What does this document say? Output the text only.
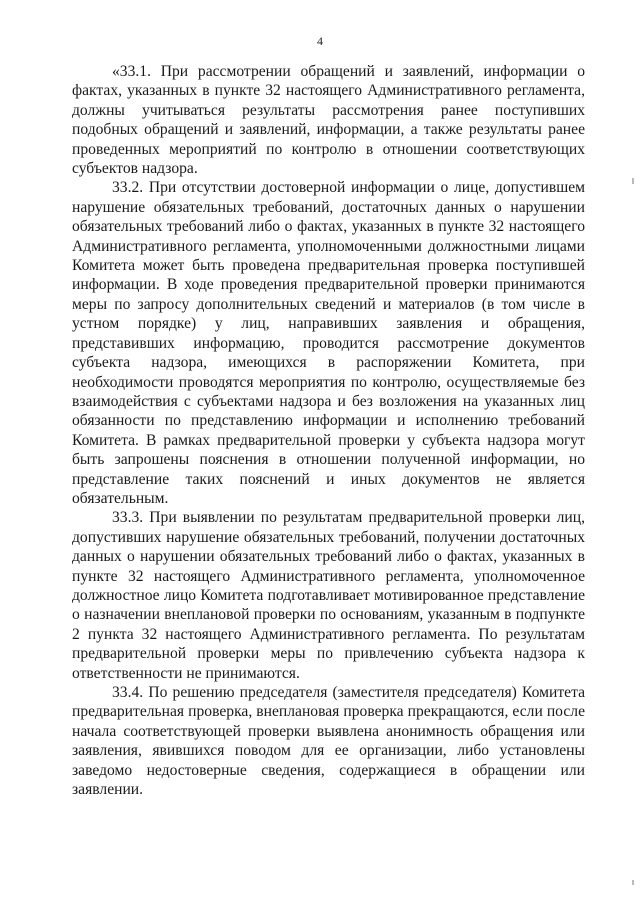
4

«33.1. При рассмотрении обращений и заявлений, информации о фактах, указанных в пункте 32 настоящего Административного регламента, должны учитываться результаты рассмотрения ранее поступивших подобных обращений и заявлений, информации, а также результаты ранее проведенных мероприятий по контролю в отношении соответствующих субъектов надзора.

33.2. При отсутствии достоверной информации о лице, допустившем нарушение обязательных требований, достаточных данных о нарушении обязательных требований либо о фактах, указанных в пункте 32 настоящего Административного регламента, уполномоченными должностными лицами Комитета может быть проведена предварительная проверка поступившей информации. В ходе проведения предварительной проверки принимаются меры по запросу дополнительных сведений и материалов (в том числе в устном порядке) у лиц, направивших заявления и обращения, представивших информацию, проводится рассмотрение документов субъекта надзора, имеющихся в распоряжении Комитета, при необходимости проводятся мероприятия по контролю, осуществляемые без взаимодействия с субъектами надзора и без возложения на указанных лиц обязанности по представлению информации и исполнению требований Комитета. В рамках предварительной проверки у субъекта надзора могут быть запрошены пояснения в отношении полученной информации, но представление таких пояснений и иных документов не является обязательным.

33.3. При выявлении по результатам предварительной проверки лиц, допустивших нарушение обязательных требований, получении достаточных данных о нарушении обязательных требований либо о фактах, указанных в пункте 32 настоящего Административного регламента, уполномоченное должностное лицо Комитета подготавливает мотивированное представление о назначении внеплановой проверки по основаниям, указанным в подпункте 2 пункта 32 настоящего Административного регламента. По результатам предварительной проверки меры по привлечению субъекта надзора к ответственности не принимаются.

33.4. По решению председателя (заместителя председателя) Комитета предварительная проверка, внеплановая проверка прекращаются, если после начала соответствующей проверки выявлена анонимность обращения или заявления, явившихся поводом для ее организации, либо установлены заведомо недостоверные сведения, содержащиеся в обращении или заявлении.
